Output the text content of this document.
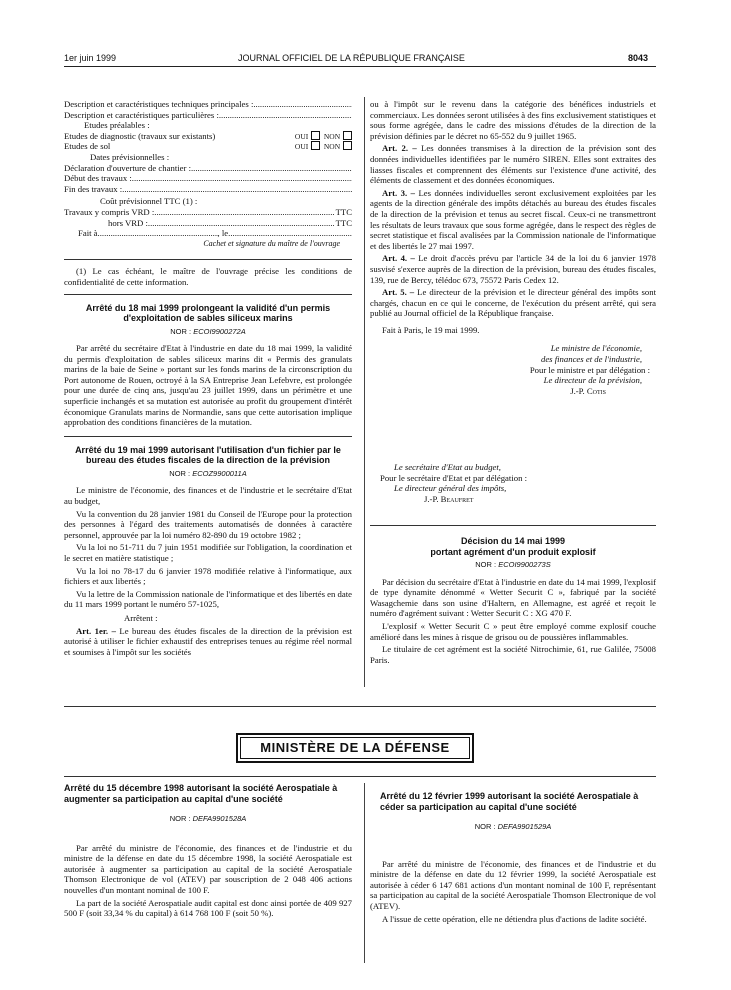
1er juin 1999	JOURNAL OFFICIEL DE LA RÉPUBLIQUE FRANÇAISE	8043
Description et caractéristiques techniques principales :
.....
Description et caractéristiques particulières :
.....
Etudes préalables :
Etudes de diagnostic (travaux sur existants)	OUI NON
Etudes de sol	OUI NON
Dates prévisionnelles :
Déclaration d'ouverture de chantier :
.....
Début des travaux :
.....
Fin des travaux :
.....
Coût prévisionnel TTC (1) :
Travaux y compris VRD : .....	TTC
hors VRD : .....	TTC
Fait à .....	, le
.....
Cachet et signature du maître de l'ouvrage

(1) Le cas échéant, le maître de l'ouvrage précise les conditions de confidentialité de cette information.

Arrêté du 18 mai 1999 prolongeant la validité d'un permis d'exploitation de sables siliceux marins
NOR : ECOI9900272A

Par arrêté du secrétaire d'Etat à l'industrie en date du 18 mai 1999, la validité du permis d'exploitation de sables siliceux marins dit « Permis des granulats marins de la baie de Seine » portant sur les fonds marins de la circonscription du Port autonome de Rouen, octroyé à la SA Entreprise Jean Lefebvre, est prolongée pour une durée de cinq ans, jusqu'au 23 juillet 1999, dans un périmètre et une superficie inchangés et sa mutation est autorisée au profit du groupement d'intérêt économique Granulats marins de Normandie, sans que cette autorisation implique approbation des conditions financières de la mutation.

Arrêté du 19 mai 1999 autorisant l'utilisation d'un fichier par le bureau des études fiscales de la direction de la prévision
NOR : ECOZ9900011A

Le ministre de l'économie, des finances et de l'industrie et le secrétaire d'Etat au budget,

Vu la convention du 28 janvier 1981 du Conseil de l'Europe pour la protection des personnes à l'égard des traitements automatisés de données à caractère personnel, approuvée par la loi numéro 82-890 du 19 octobre 1982 ;

Vu la loi no 51-711 du 7 juin 1951 modifiée sur l'obligation, la coordination et le secret en matière statistique ;

Vu la loi no 78-17 du 6 janvier 1978 modifiée relative à l'informatique, aux fichiers et aux libertés ;

Vu la lettre de la Commission nationale de l'informatique et des libertés en date du 11 mars 1999 portant le numéro 57-1025,

Arrêtent :

Art. 1er. – Le bureau des études fiscales de la direction de la prévision est autorisé à utiliser le fichier exhaustif des entreprises tenues au régime réel normal et soumises à l'impôt sur les sociétés

ou à l'impôt sur le revenu dans la catégorie des bénéfices industriels et commerciaux. Les données seront utilisées à des fins exclusivement statistiques et sous forme agrégée, dans le cadre des missions d'études de la direction de la prévision définies par le décret no 65-552 du 9 juillet 1965.

Art. 2. – Les données transmises à la direction de la prévision sont des données individuelles identifiées par le numéro SIREN. Elles sont extraites des liasses fiscales et comprennent des éléments sur l'existence d'une activité, des éléments de classement et des données économiques.

Art. 3. – Les données individuelles seront exclusivement exploitées par les agents de la direction générale des impôts détachés au bureau des études fiscales de la direction de la prévision et tenus au secret fiscal. Ceux-ci ne transmettront les résultats de leurs travaux que sous forme agrégée, dans le respect des règles de secret statistique et fiscal avalisées par la Commission nationale de l'informatique et des libertés le 27 mai 1997.

Art. 4. – Le droit d'accès prévu par l'article 34 de la loi du 6 janvier 1978 susvisé s'exerce auprès de la direction de la prévision, bureau des études fiscales, 139, rue de Bercy, télédoc 673, 75572 Paris Cedex 12.

Art. 5. – Le directeur de la prévision et le directeur général des impôts sont chargés, chacun en ce qui le concerne, de l'exécution du présent arrêté, qui sera publié au Journal officiel de la République française.

Fait à Paris, le 19 mai 1999.

Le ministre de l'économie,
des finances et de l'industrie,
Pour le ministre et par délégation :
Le directeur de la prévision,
J.-P. Cotis
Le secrétaire d'Etat au budget,
Pour le secrétaire d'Etat et par délégation :
Le directeur général des impôts,
J.-P. Beaufret
Décision du 14 mai 1999
portant agrément d'un produit explosif
NOR : ECOI9900273S

Par décision du secrétaire d'Etat à l'industrie en date du 14 mai 1999, l'explosif de type dynamite dénommé « Wetter Securit C », fabriqué par la société Wasagchemie dans son usine d'Haltern, en Allemagne, est agréé et reçoit le numéro d'agrément suivant : Wetter Securit C : XG 470 F.

L'explosif « Wetter Securit C » peut être employé comme explosif couche amélioré dans les mines à risque de grisou ou de poussières inflammables.

Le titulaire de cet agrément est la société Nitrochimie, 61, rue Galilée, 75008 Paris.

MINISTÈRE DE LA DÉFENSE
Arrêté du 15 décembre 1998 autorisant la société Aerospatiale à augmenter sa participation au capital d'une société
NOR : DEFA9901528A

Par arrêté du ministre de l'économie, des finances et de l'industrie et du ministre de la défense en date du 15 décembre 1998, la société Aerospatiale est autorisée à augmenter sa participation au capital de la société Aerospatiale Thomson Electronique de vol (ATEV) par souscription de 2 048 406 actions nouvelles d'un montant nominal de 100 F.

La part de la société Aerospatiale audit capital est donc ainsi portée de 409 927 500 F (soit 33,34 % du capital) à 614 768 100 F (soit 50 %).

Arrêté du 12 février 1999 autorisant la société Aerospatiale à céder sa participation au capital d'une société
NOR : DEFA9901529A

Par arrêté du ministre de l'économie, des finances et de l'industrie et du ministre de la défense en date du 12 février 1999, la société Aerospatiale est autorisée à céder 6 147 681 actions d'un montant nominal de 100 F, représentant sa participation au capital de la société Aerospatiale Thomson Electronique de vol (ATEV).

A l'issue de cette opération, elle ne détiendra plus d'actions de ladite société.
